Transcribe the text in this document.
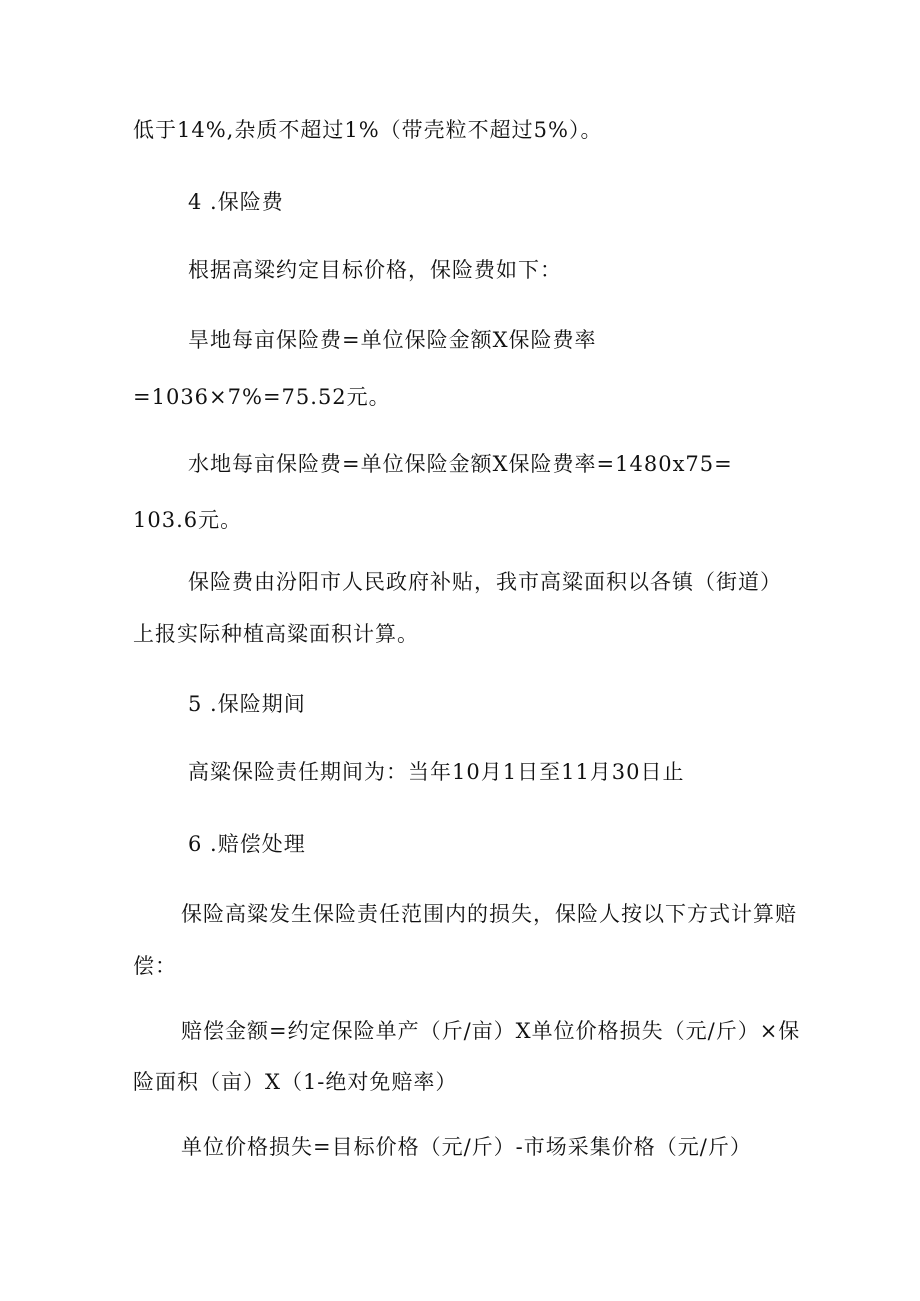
低于14%,杂质不超过1%（带壳粒不超过5%）。
4 .保险费
根据高粱约定目标价格，保险费如下：
旱地每亩保险费=单位保险金额X保险费率
=1036×7%=75.52元。
水地每亩保险费=单位保险金额X保险费率=1480x75=
103.6元。
保险费由汾阳市人民政府补贴，我市高粱面积以各镇（街道）
上报实际种植高粱面积计算。
5 .保险期间
高粱保险责任期间为：当年10月1日至11月30日止
6 .赔偿处理
保险高粱发生保险责任范围内的损失，保险人按以下方式计算赔
偿：
赔偿金额=约定保险单产（斤/亩）X单位价格损失（元/斤）×保
险面积（亩）X（1-绝对免赔率）
单位价格损失=目标价格（元/斤）-市场采集价格（元/斤）
